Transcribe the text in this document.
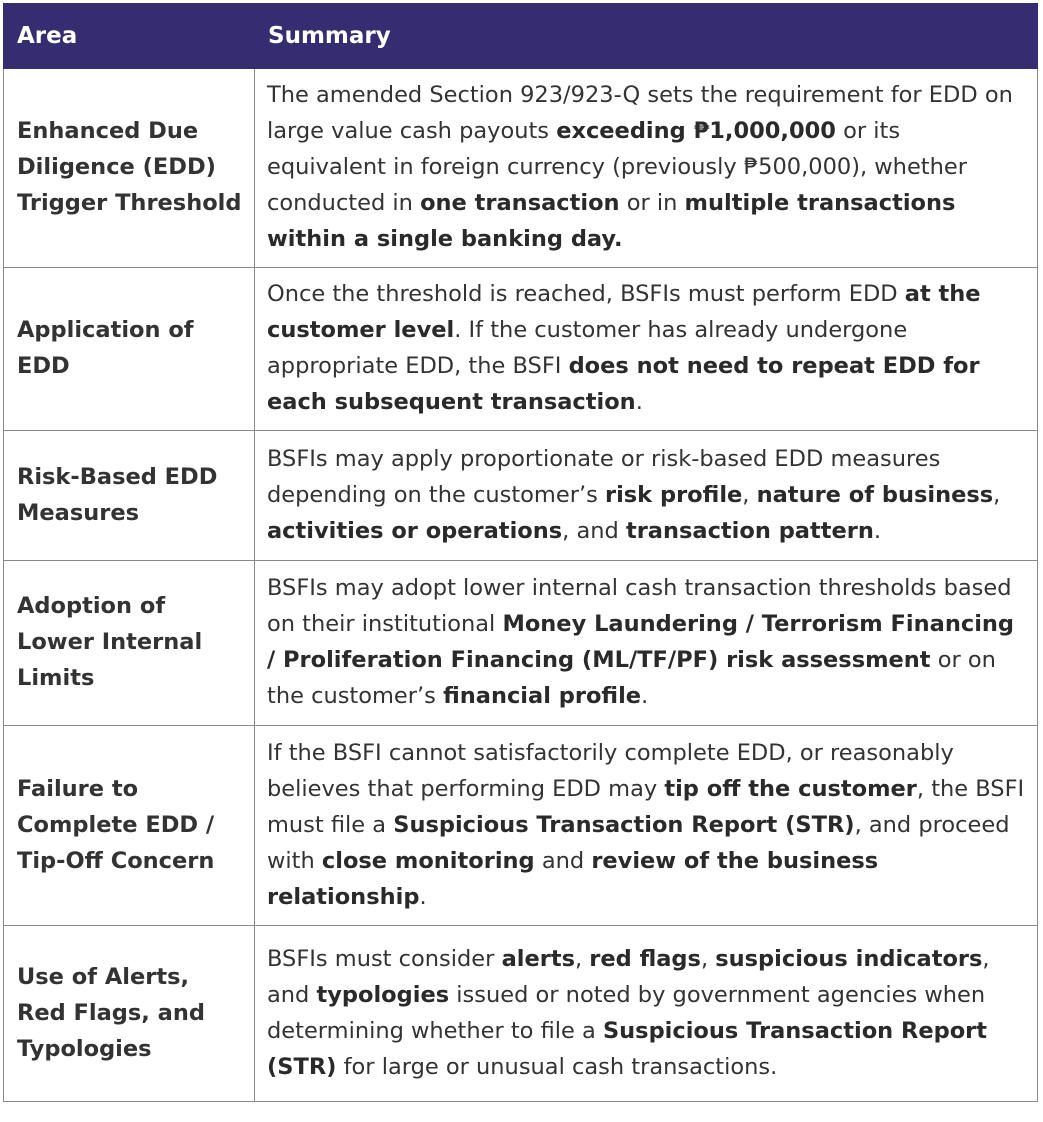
Area	Summary
Enhanced Due Diligence (EDD) Trigger Threshold	The amended Section 923/923-Q sets the requirement for EDD on large value cash payouts exceeding ₱1,000,000 or its equivalent in foreign currency (previously ₱500,000), whether conducted in one transaction or in multiple transactions within a single banking day.
Application of EDD	Once the threshold is reached, BSFIs must perform EDD at the customer level. If the customer has already undergone appropriate EDD, the BSFI does not need to repeat EDD for each subsequent transaction.
Risk-Based EDD Measures	BSFIs may apply proportionate or risk-based EDD measures depending on the customer’s risk profile, nature of business, activities or operations, and transaction pattern.
Adoption of Lower Internal Limits	BSFIs may adopt lower internal cash transaction thresholds based on their institutional Money Laundering / Terrorism Financing / Proliferation Financing (ML/TF/PF) risk assessment or on the customer’s financial profile.
Failure to Complete EDD / Tip-Off Concern	If the BSFI cannot satisfactorily complete EDD, or reasonably believes that performing EDD may tip off the customer, the BSFI must file a Suspicious Transaction Report (STR), and proceed with close monitoring and review of the business relationship.
Use of Alerts, Red Flags, and Typologies	BSFIs must consider alerts, red flags, suspicious indicators, and typologies issued or noted by government agencies when determining whether to file a Suspicious Transaction Report (STR) for large or unusual cash transactions.
